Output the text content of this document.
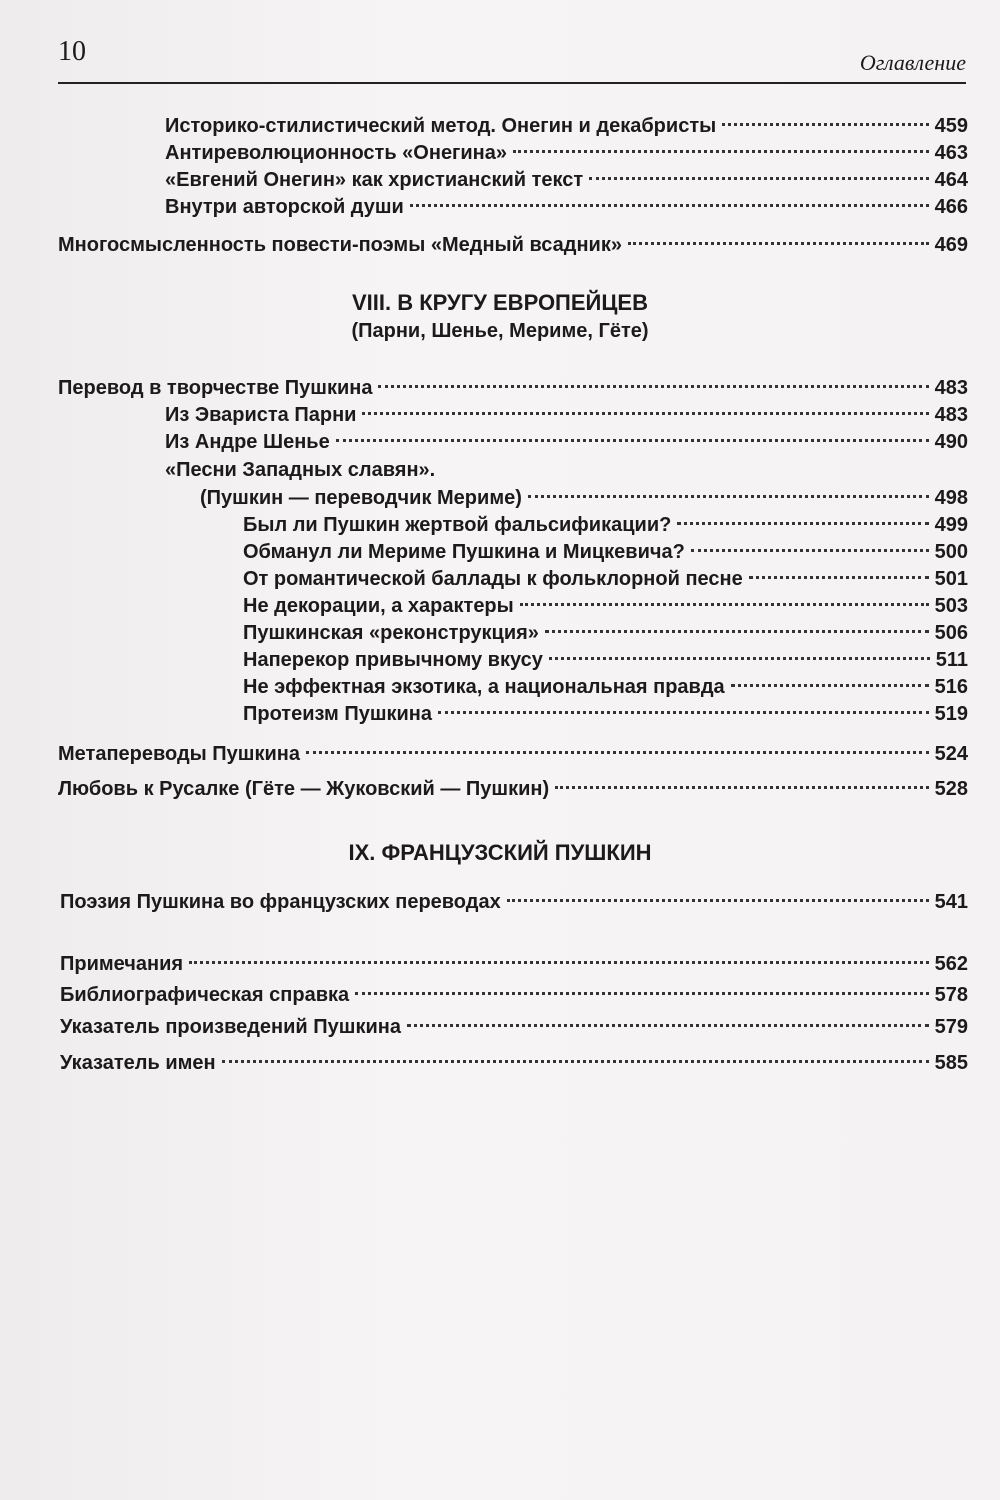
10	Оглавление
Историко-стилистический метод. Онегин и декабристы	459
Антиреволюционность «Онегина»	463
«Евгений Онегин» как христианский текст	464
Внутри авторской души	466
Многосмысленность повести-поэмы «Медный всадник»	469
VIII. В КРУГУ ЕВРОПЕЙЦЕВ
(Парни, Шенье, Мериме, Гёте)
Перевод в творчестве Пушкина	483
Из Эвариста Парни	483
Из Андре Шенье	490
«Песни Западных славян».
(Пушкин — переводчик Мериме)	498
Был ли Пушкин жертвой фальсификации?	499
Обманул ли Мериме Пушкина и Мицкевича?	500
От романтической баллады к фольклорной песне	501
Не декорации, а характеры	503
Пушкинская «реконструкция»	506
Наперекор привычному вкусу	511
Не эффектная экзотика, а национальная правда	516
Протеизм Пушкина	519
Метапереводы Пушкина	524
Любовь к Русалке (Гёте — Жуковский — Пушкин)	528
IX. ФРАНЦУЗСКИЙ ПУШКИН
Поэзия Пушкина во французских переводах	541
Примечания	562
Библиографическая справка	578
Указатель произведений Пушкина	579
Указатель имен	585
